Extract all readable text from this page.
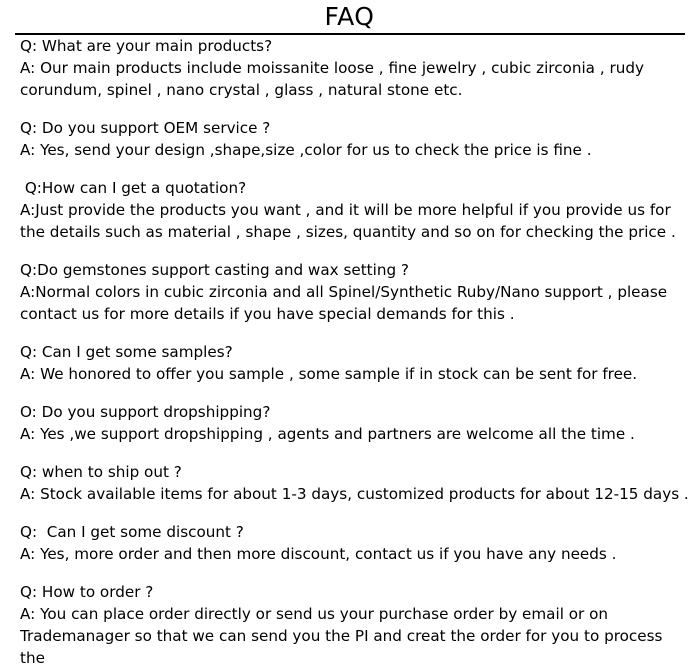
FAQ

Q: What are your main products?

A: Our main products include moissanite loose , fine jewelry , cubic zirconia , rudy corundum, spinel , nano crystal , glass , natural stone etc.

Q: Do you support OEM service ?

A: Yes, send your design ,shape,size ,color for us to check the price is fine .

Q:How can I get a quotation?

A:Just provide the products you want , and it will be more helpful if you provide us for the details such as material , shape , sizes, quantity and so on for checking the price .

Q:Do gemstones support casting and wax setting ?

A:Normal colors in cubic zirconia and all Spinel/Synthetic Ruby/Nano support , please contact us for more details if you have special demands for this .

Q: Can I get some samples?

A: We honored to offer you sample , some sample if in stock can be sent for free.

O: Do you support dropshipping?

A: Yes ,we support dropshipping , agents and partners are welcome all the time .

Q: when to ship out ?

A: Stock available items for about 1-3 days, customized products for about 12-15 days .

Q:  Can I get some discount ?

A: Yes, more order and then more discount, contact us if you have any needs .

Q: How to order ?

A: You can place order directly or send us your purchase order by email or on Trademanager so that we can send you the PI and creat the order for you to process the
